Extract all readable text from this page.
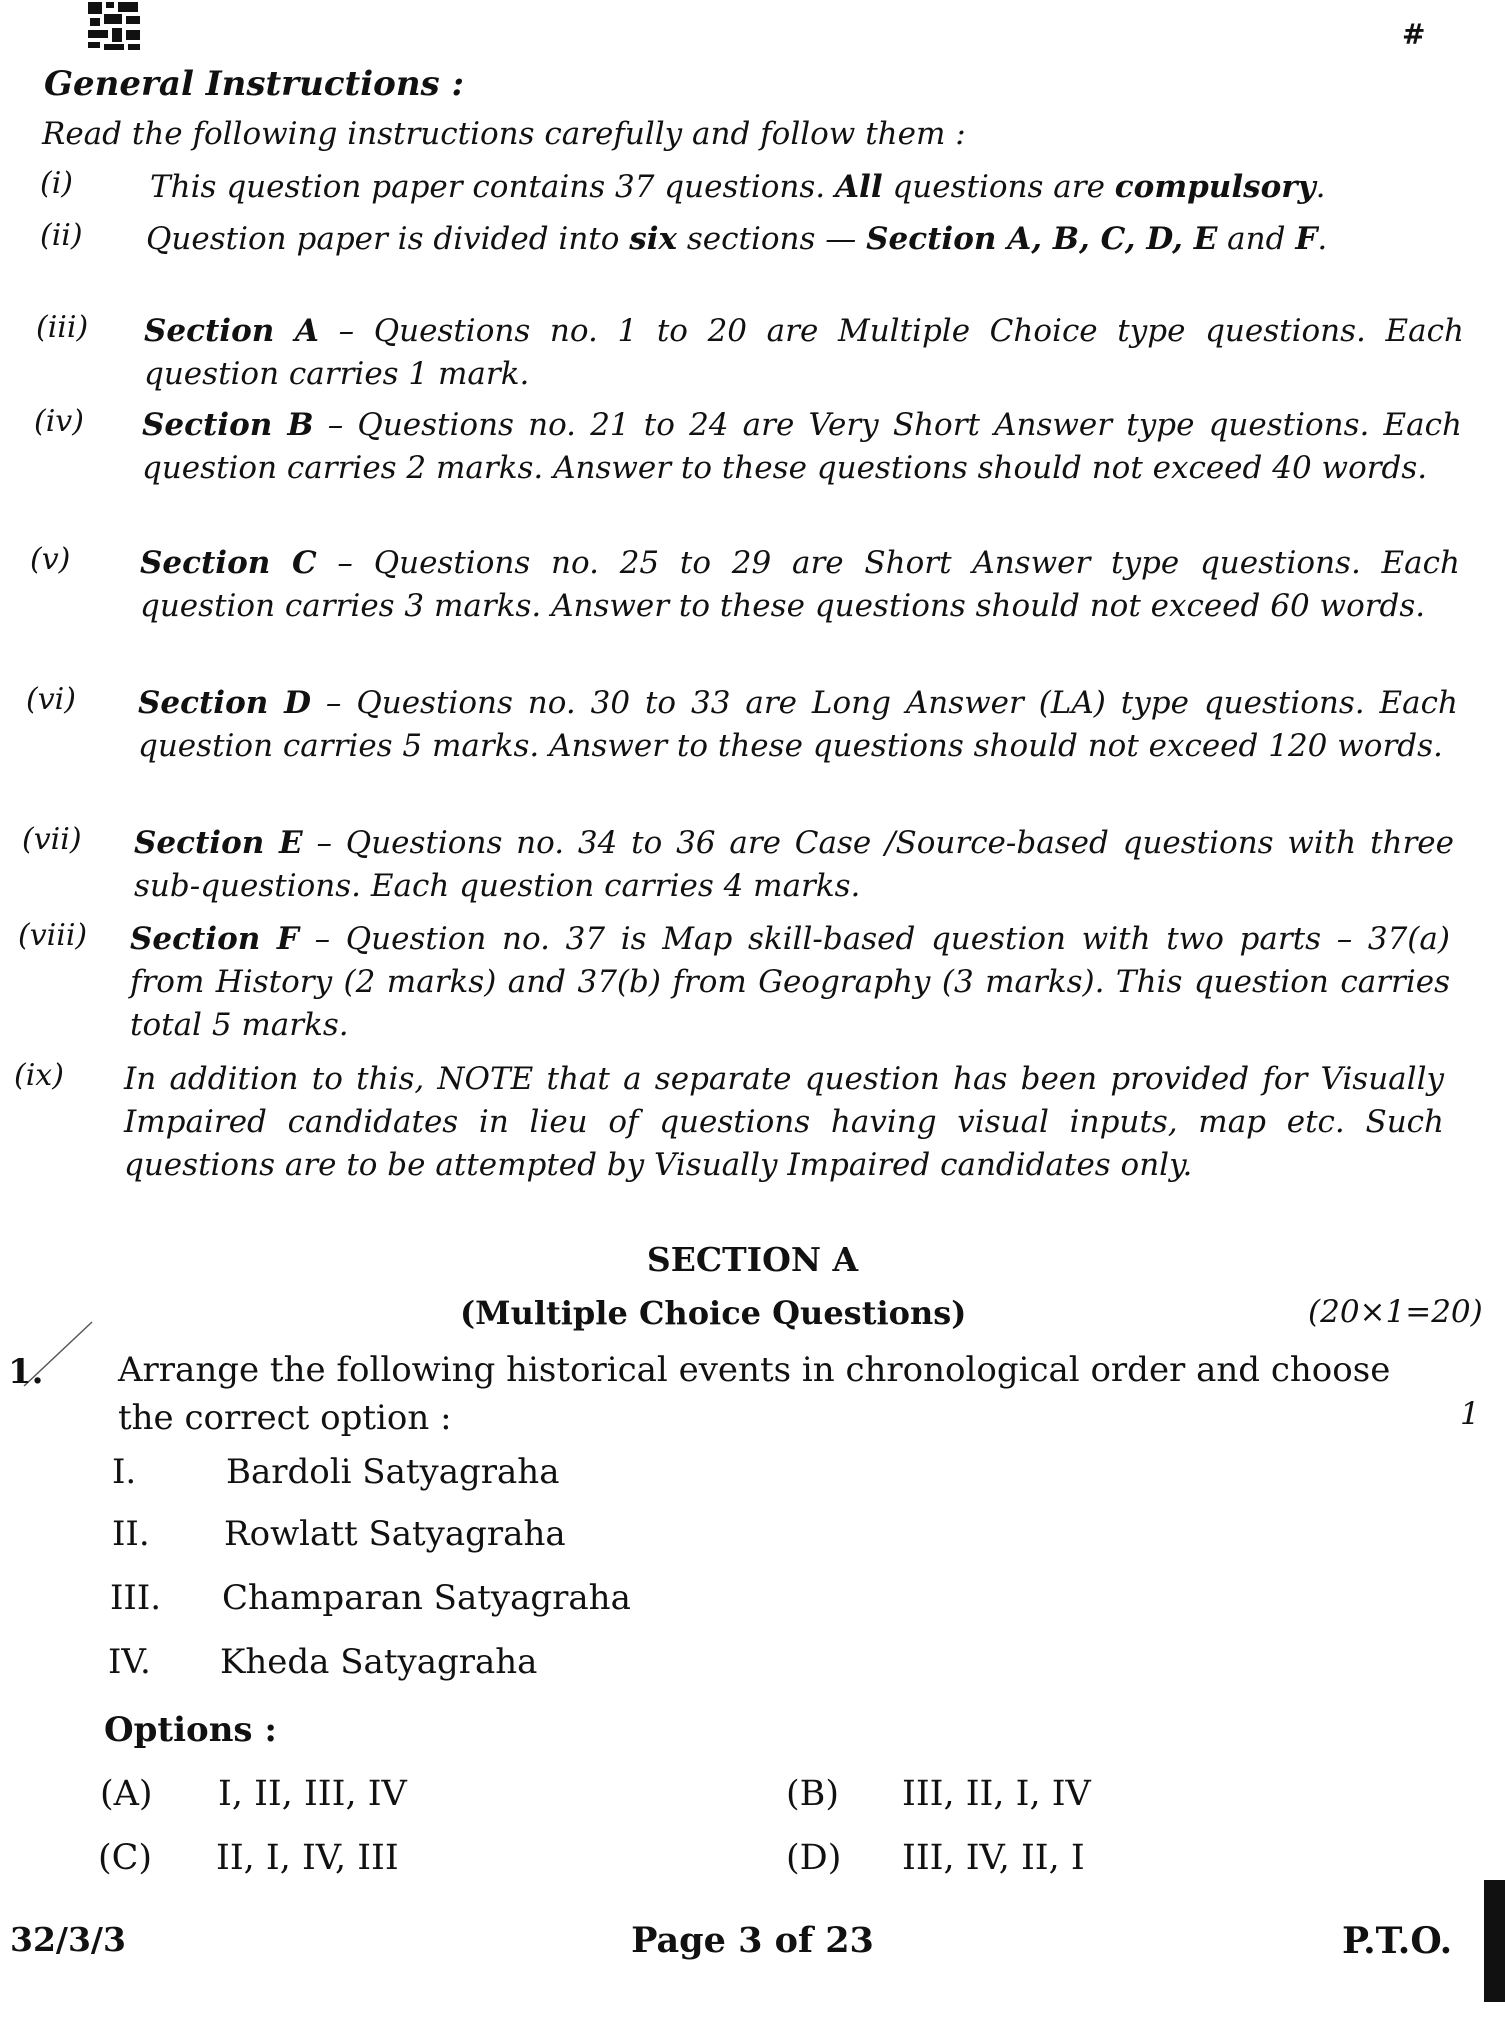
#
General Instructions :
Read the following instructions carefully and follow them :
(i) This question paper contains 37 questions. All questions are compulsory.
(ii) Question paper is divided into six sections — Section A, B, C, D, E and F.
(iii) Section A – Questions no. 1 to 20 are Multiple Choice type questions. Each question carries 1 mark.
(iv) Section B – Questions no. 21 to 24 are Very Short Answer type questions. Each question carries 2 marks. Answer to these questions should not exceed 40 words.
(v) Section C – Questions no. 25 to 29 are Short Answer type questions. Each question carries 3 marks. Answer to these questions should not exceed 60 words.
(vi) Section D – Questions no. 30 to 33 are Long Answer (LA) type questions. Each question carries 5 marks. Answer to these questions should not exceed 120 words.
(vii) Section E – Questions no. 34 to 36 are Case /Source-based questions with three sub-questions. Each question carries 4 marks.
(viii) Section F – Question no. 37 is Map skill-based question with two parts – 37(a) from History (2 marks) and 37(b) from Geography (3 marks). This question carries total 5 marks.
(ix) In addition to this, NOTE that a separate question has been provided for Visually Impaired candidates in lieu of questions having visual inputs, map etc. Such questions are to be attempted by Visually Impaired candidates only.
SECTION A
(Multiple Choice Questions)	(20×1=20)
1. Arrange the following historical events in chronological order and choose the correct option :	1
I.	Bardoli Satyagraha
II. Rowlatt Satyagraha
III. Champaran Satyagraha
IV. Kheda Satyagraha
Options :
(A) I, II, III, IV	(B) III, II, I, IV
(C) II, I, IV, III	(D) III, IV, II, I
32/3/3	Page 3 of 23	P.T.O.
